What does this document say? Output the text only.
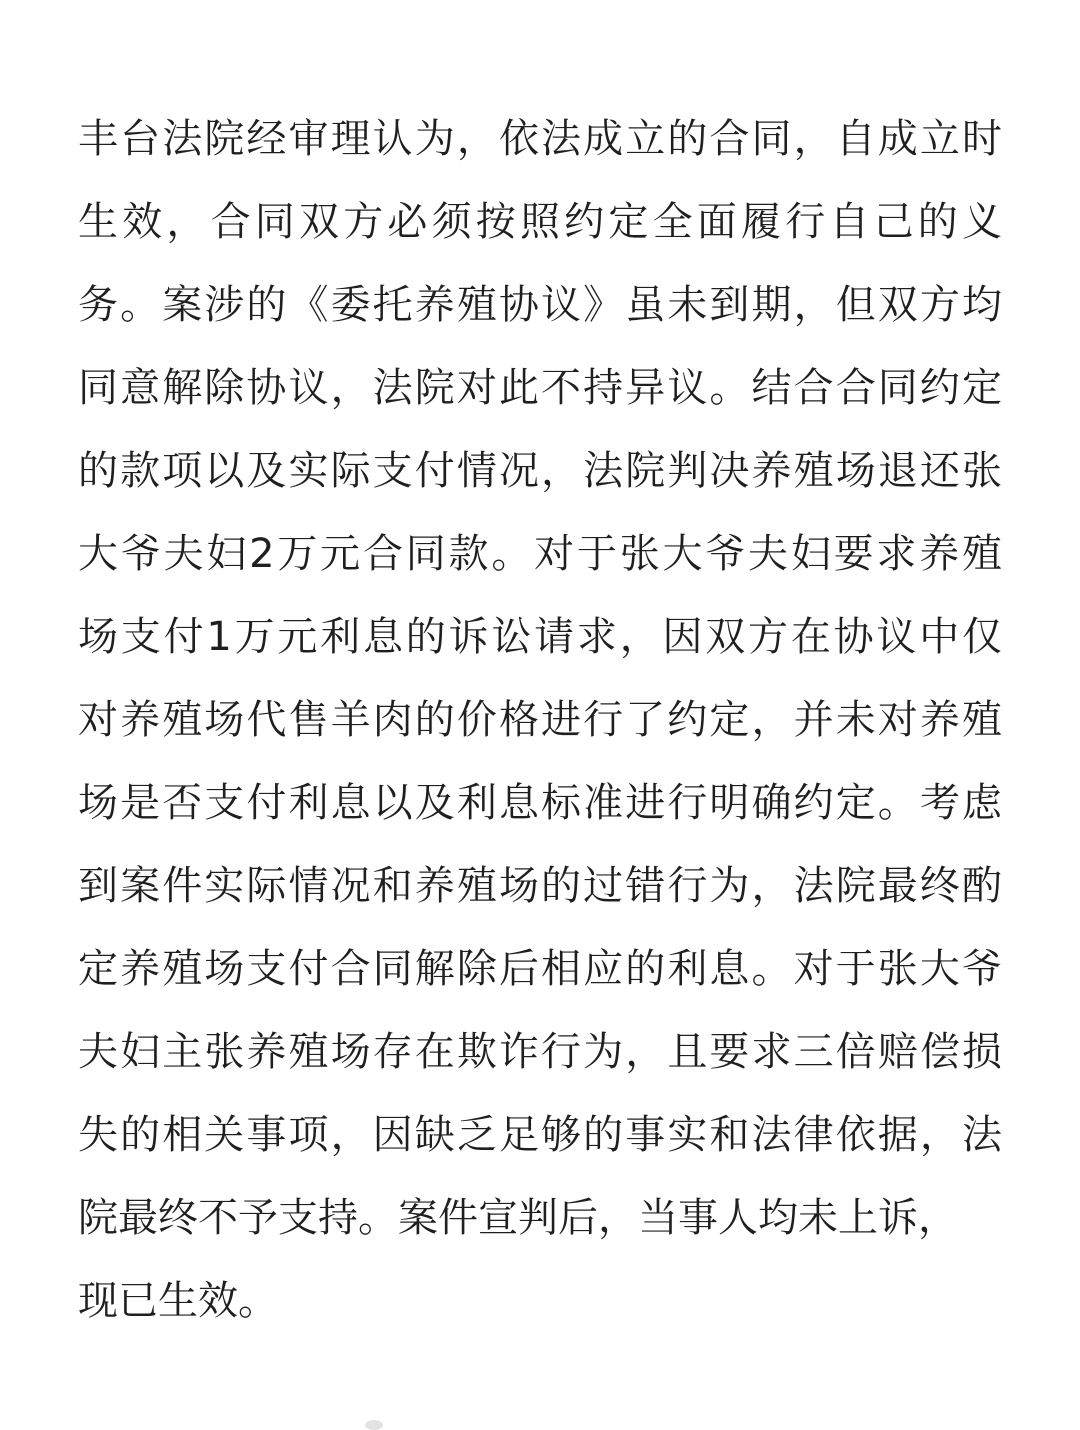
丰台法院经审理认为，依法成立的合同，自成立时
生效，合同双方必须按照约定全面履行自己的义
务。案涉的《委托养殖协议》虽未到期，但双方均
同意解除协议，法院对此不持异议。结合合同约定
的款项以及实际支付情况，法院判决养殖场退还张
大爷夫妇2万元合同款。对于张大爷夫妇要求养殖
场支付1万元利息的诉讼请求，因双方在协议中仅
对养殖场代售羊肉的价格进行了约定，并未对养殖
场是否支付利息以及利息标准进行明确约定。考虑
到案件实际情况和养殖场的过错行为，法院最终酌
定养殖场支付合同解除后相应的利息。对于张大爷
夫妇主张养殖场存在欺诈行为，且要求三倍赔偿损
失的相关事项，因缺乏足够的事实和法律依据，法
院最终不予支持。案件宣判后，当事人均未上诉，
现已生效。
